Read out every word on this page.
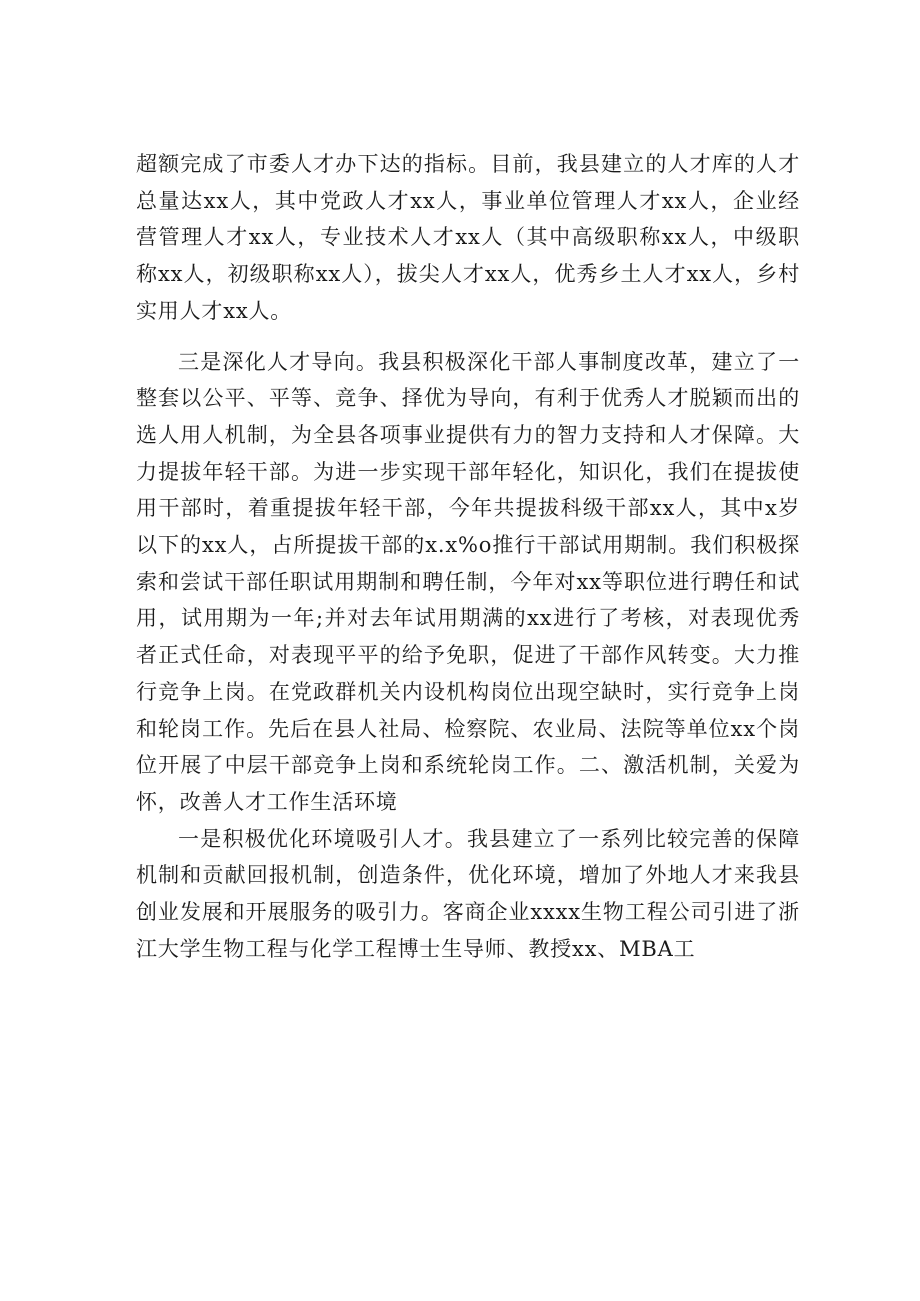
超额完成了市委人才办下达的指标。目前，我县建立的人才库的人才总量达xx人，其中党政人才xx人，事业单位管理人才xx人，企业经营管理人才xx人，专业技术人才xx人（其中高级职称xx人，中级职称xx人，初级职称xx人），拔尖人才xx人，优秀乡土人才xx人，乡村实用人才xx人。

三是深化人才导向。我县积极深化干部人事制度改革，建立了一整套以公平、平等、竞争、择优为导向，有利于优秀人才脱颖而出的选人用人机制，为全县各项事业提供有力的智力支持和人才保障。大力提拔年轻干部。为进一步实现干部年轻化，知识化，我们在提拔使用干部时，着重提拔年轻干部，今年共提拔科级干部xx人，其中x岁以下的xx人，占所提拔干部的x.x%o推行干部试用期制。我们积极探索和尝试干部任职试用期制和聘任制，今年对xx等职位进行聘任和试用，试用期为一年;并对去年试用期满的xx进行了考核，对表现优秀者正式任命，对表现平平的给予免职，促进了干部作风转变。大力推行竞争上岗。在党政群机关内设机构岗位出现空缺时，实行竞争上岗和轮岗工作。先后在县人社局、检察院、农业局、法院等单位xx个岗位开展了中层干部竞争上岗和系统轮岗工作。二、激活机制，关爱为怀，改善人才工作生活环境

一是积极优化环境吸引人才。我县建立了一系列比较完善的保障机制和贡献回报机制，创造条件，优化环境，增加了外地人才来我县创业发展和开展服务的吸引力。客商企业xxxx生物工程公司引进了浙江大学生物工程与化学工程博士生导师、教授xx、MBA工
